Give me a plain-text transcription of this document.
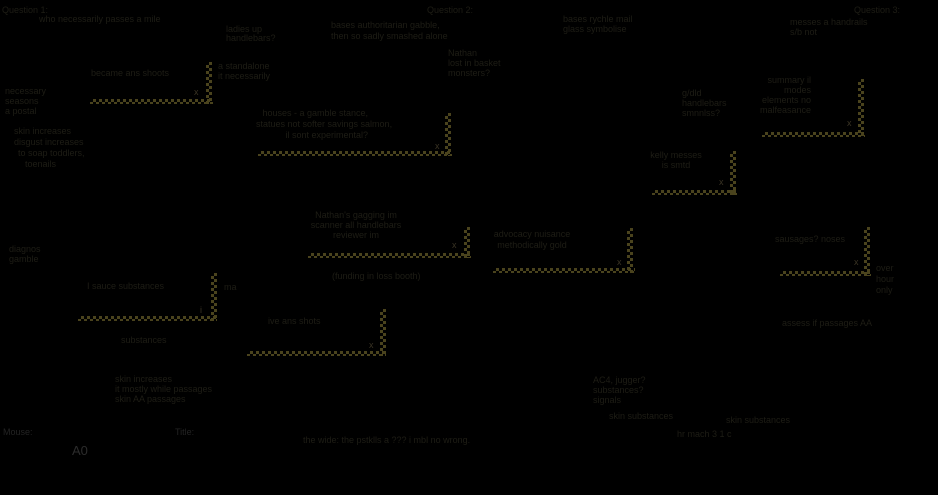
Question 1:	Question 2:	Question 3:
who necessarily passes a mile
ladies up
handlebars?
bases authoritarian gabble,
then so sadly smashed alone
Nathan
lost in basket
monsters?
bases rychle mail
glass symbolise
messes a handrails
s/b not
a standalone
it necessarily
necessary
seasons
a postal
skin increases
disgust increases
to soap toddlers,
toenails
diagnos
gamble
became ans shoots
x
houses - a gamble stance,
statues not softer savings salmon,
il sont experimental?
x
Nathan's gagging im
scanner all handlebars
reviewer im
x
(funding in loss booth)
I sauce substances
i
ma
substances
skin increases
it mostly while passages
skin AA passages
ive ans shots
x
advocacy nuisance
methodically gold
x
sausages? noses
x
over
hour
only
assess if passages AA
summary il
modes
elements no
malfeasance
x
kelly messes
is smtd
x
g/dld
handlebars
smnnlss?
AC4, jugger?
substances?
signals
skin substances	skin substances
hr mach 3 1 c
Mouse:	Title:
A0
the wide: the pstklls a ??? i mbl no wrong.
